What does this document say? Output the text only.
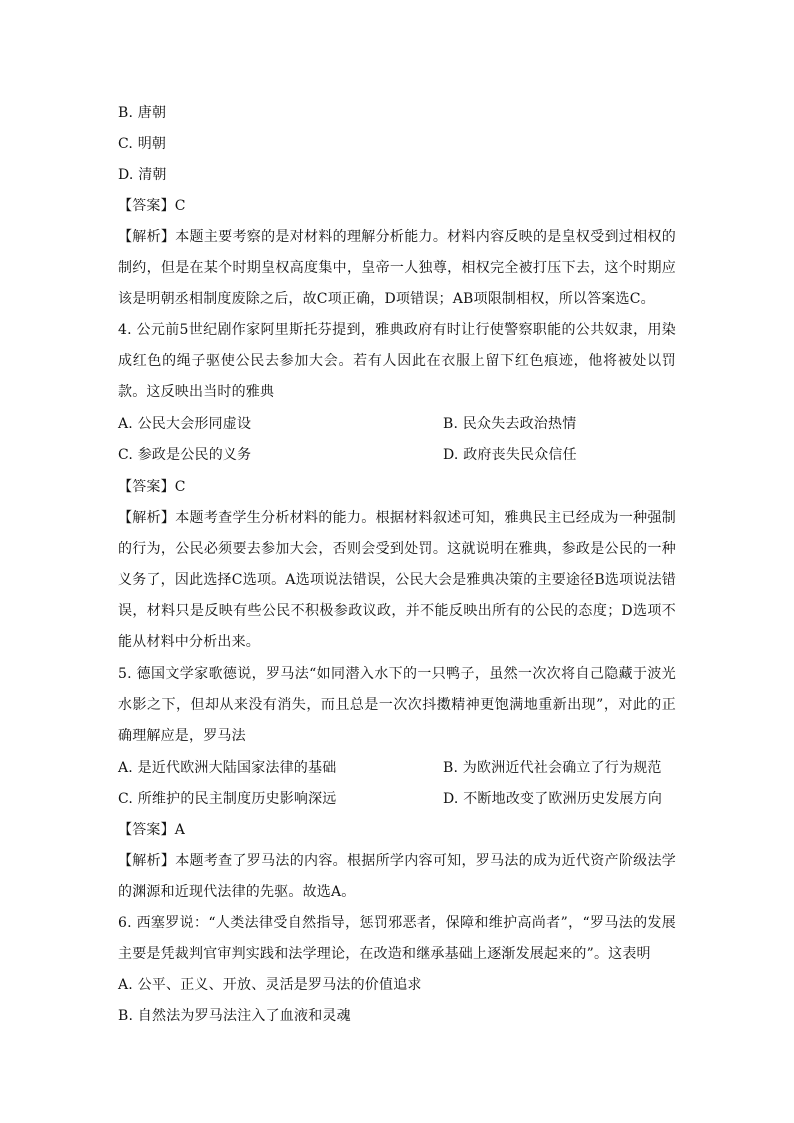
B. 唐朝
C. 明朝
D. 清朝
【答案】C
【解析】本题主要考察的是对材料的理解分析能力。材料内容反映的是皇权受到过相权的制约，但是在某个时期皇权高度集中，皇帝一人独尊，相权完全被打压下去，这个时期应该是明朝丞相制度废除之后，故C项正确，D项错误；AB项限制相权，所以答案选C。
4. 公元前5世纪剧作家阿里斯托芬提到，雅典政府有时让行使警察职能的公共奴隶，用染成红色的绳子驱使公民去参加大会。若有人因此在衣服上留下红色痕迹，他将被处以罚款。这反映出当时的雅典
A. 公民大会形同虚设	B. 民众失去政治热情
C. 参政是公民的义务	D. 政府丧失民众信任
【答案】C
【解析】本题考查学生分析材料的能力。根据材料叙述可知，雅典民主已经成为一种强制的行为，公民必须要去参加大会，否则会受到处罚。这就说明在雅典，参政是公民的一种义务了，因此选择C选项。A选项说法错误，公民大会是雅典决策的主要途径B选项说法错误，材料只是反映有些公民不积极参政议政，并不能反映出所有的公民的态度；D选项不能从材料中分析出来。
5. 德国文学家歌德说，罗马法“如同潜入水下的一只鸭子，虽然一次次将自己隐藏于波光水影之下，但却从来没有消失，而且总是一次次抖擞精神更饱满地重新出现”，对此的正确理解应是，罗马法
A. 是近代欧洲大陆国家法律的基础	B. 为欧洲近代社会确立了行为规范
C. 所维护的民主制度历史影响深远	D. 不断地改变了欧洲历史发展方向
【答案】A
【解析】本题考查了罗马法的内容。根据所学内容可知，罗马法的成为近代资产阶级法学的渊源和近现代法律的先驱。故选A。
6. 西塞罗说：“人类法律受自然指导，惩罚邪恶者，保障和维护高尚者”，“罗马法的发展主要是凭裁判官审判实践和法学理论，在改造和继承基础上逐渐发展起来的”。这表明
A. 公平、正义、开放、灵活是罗马法的价值追求
B. 自然法为罗马法注入了血液和灵魂
